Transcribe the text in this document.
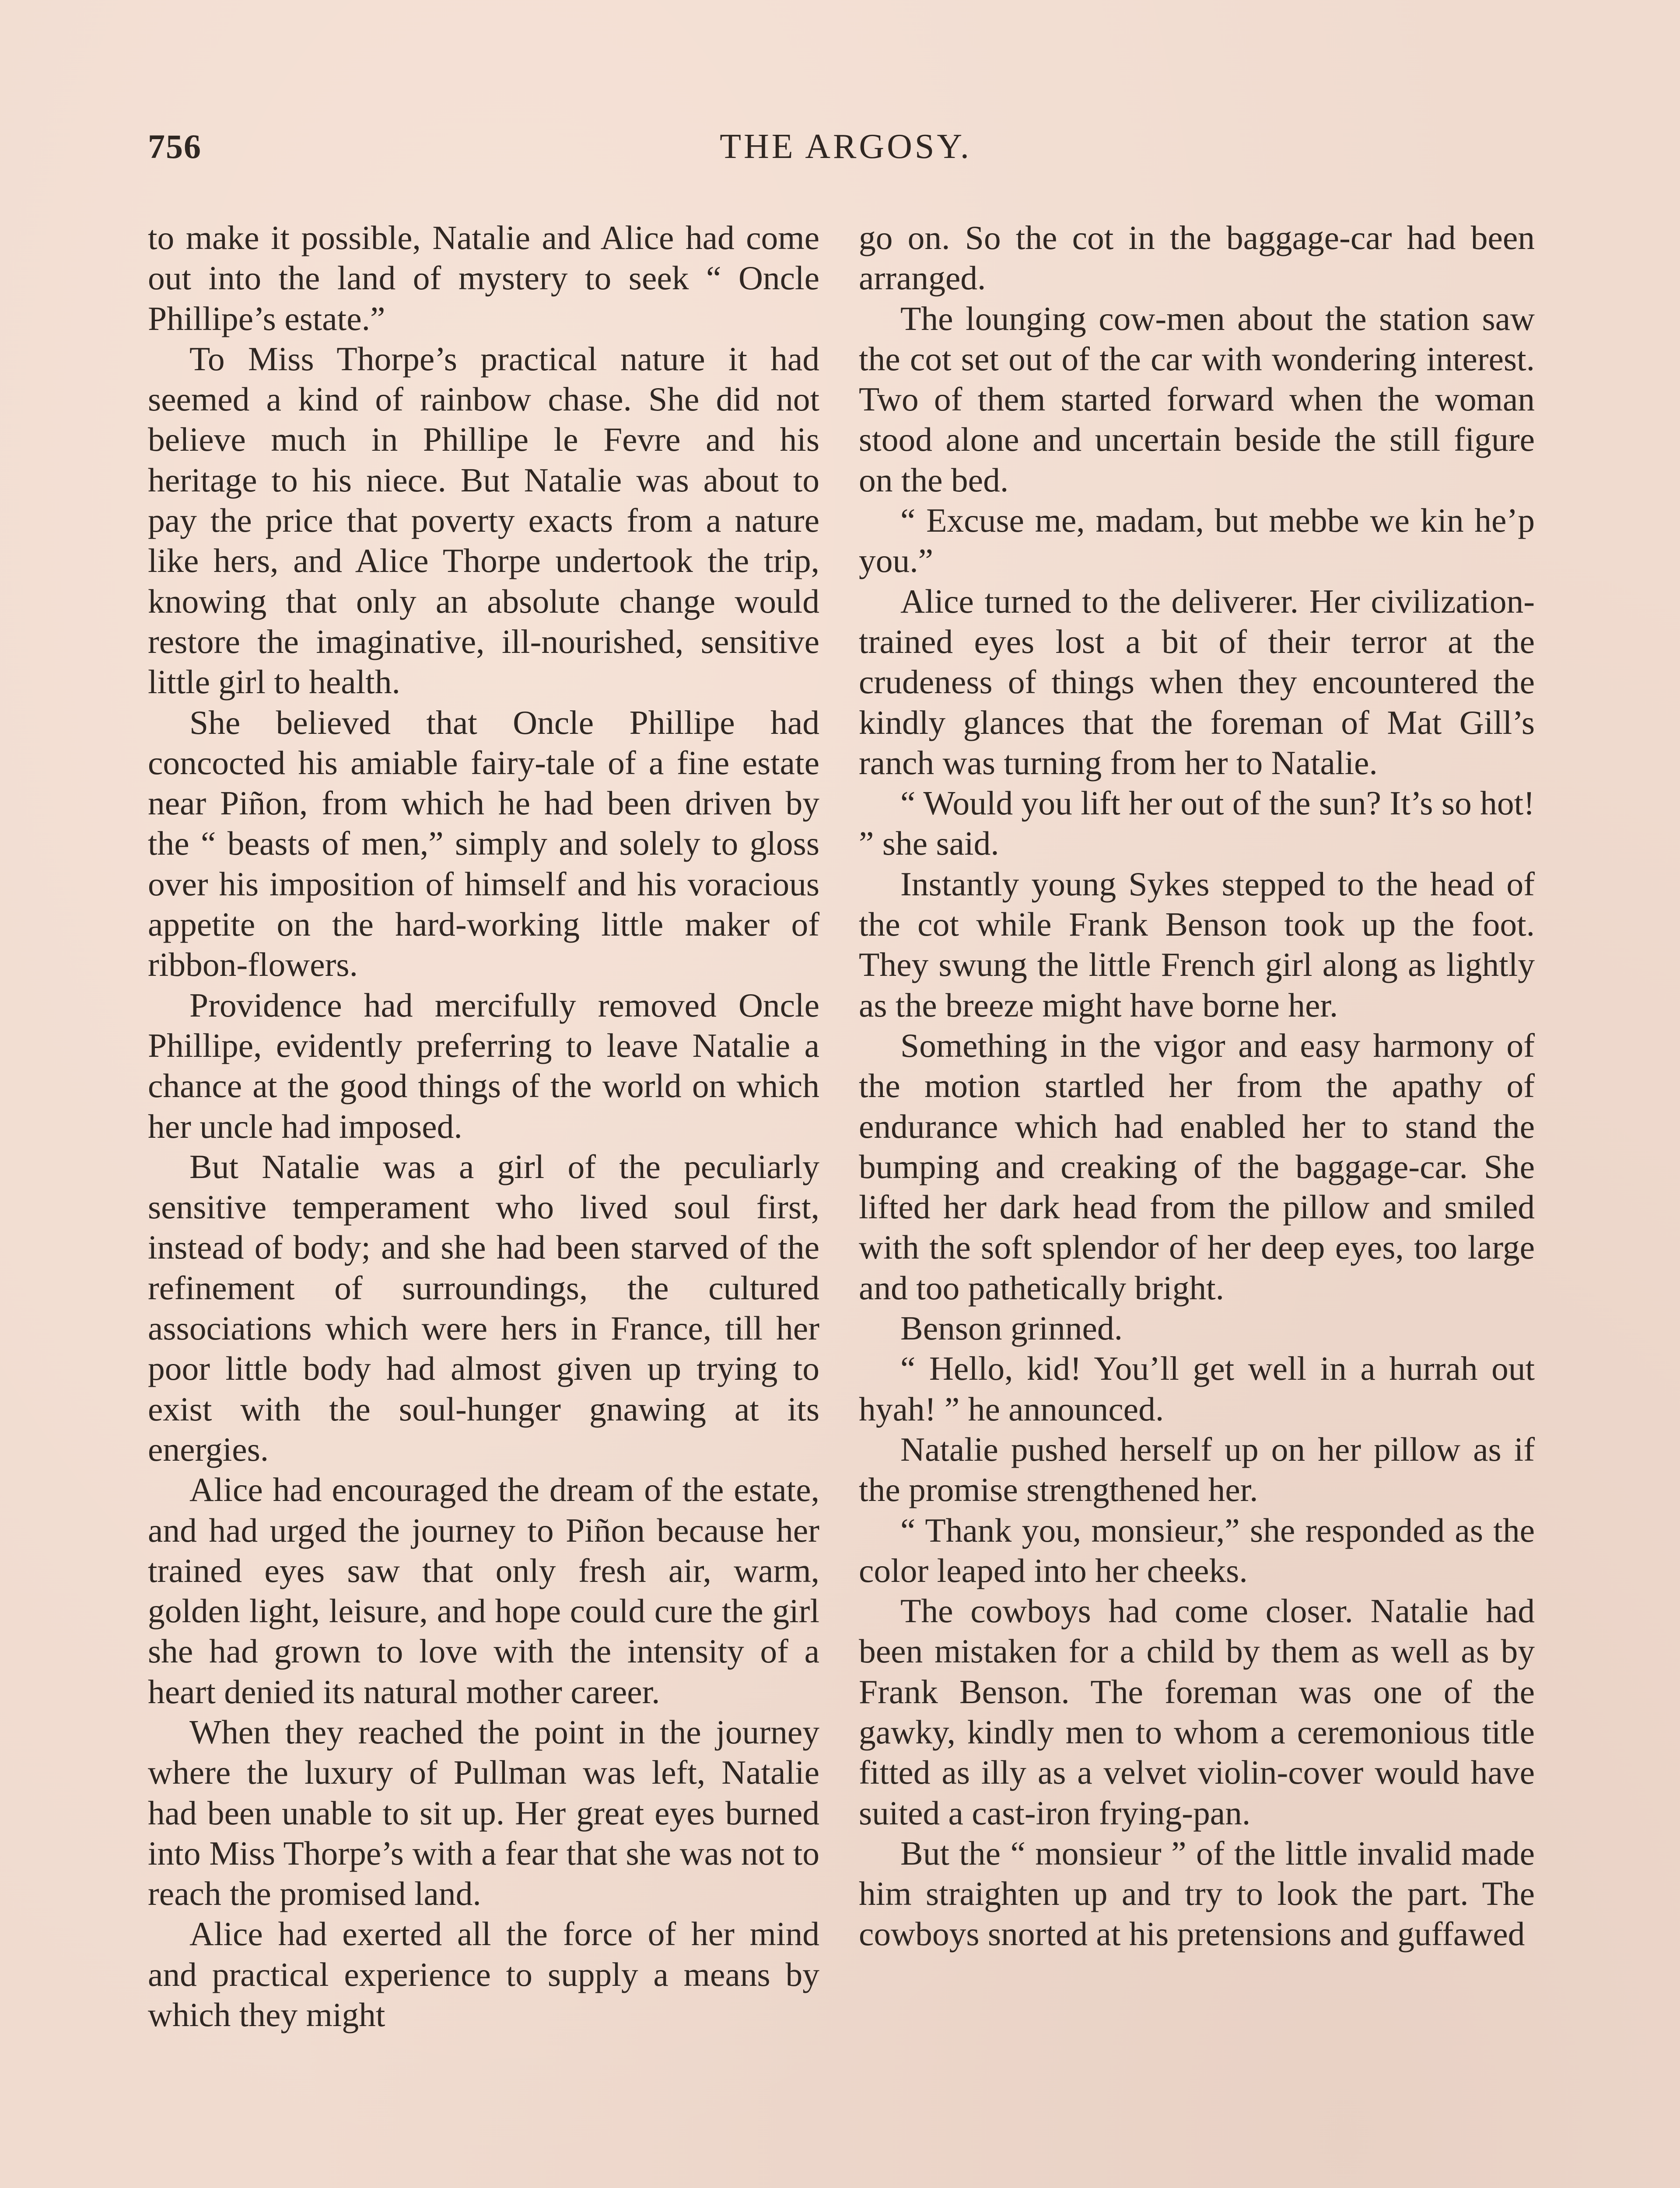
756	THE ARGOSY.

to make it possible, Natalie and Alice had come out into the land of mystery to seek “ Oncle Phillipe’s estate.”

To Miss Thorpe’s practical nature it had seemed a kind of rainbow chase. She did not believe much in Phillipe le Fevre and his heritage to his niece. But Natalie was about to pay the price that poverty exacts from a nature like hers, and Alice Thorpe undertook the trip, knowing that only an absolute change would restore the imaginative, ill-nourished, sensitive little girl to health.

She believed that Oncle Phillipe had concocted his amiable fairy-tale of a fine estate near Piñon, from which he had been driven by the “ beasts of men,” simply and solely to gloss over his imposition of himself and his voracious appetite on the hard-working little maker of ribbon-flowers.

Providence had mercifully removed Oncle Phillipe, evidently preferring to leave Natalie a chance at the good things of the world on which her uncle had imposed.

But Natalie was a girl of the peculiarly sensitive temperament who lived soul first, instead of body; and she had been starved of the refinement of surroundings, the cultured associations which were hers in France, till her poor little body had almost given up trying to exist with the soul-hunger gnawing at its energies.

Alice had encouraged the dream of the estate, and had urged the journey to Piñon because her trained eyes saw that only fresh air, warm, golden light, leisure, and hope could cure the girl she had grown to love with the intensity of a heart denied its natural mother career.

When they reached the point in the journey where the luxury of Pullman was left, Natalie had been unable to sit up. Her great eyes burned into Miss Thorpe’s with a fear that she was not to reach the promised land.

Alice had exerted all the force of her mind and practical experience to supply a means by which they might

go on. So the cot in the baggage-car had been arranged.

The lounging cow-men about the station saw the cot set out of the car with wondering interest. Two of them started forward when the woman stood alone and uncertain beside the still figure on the bed.

“ Excuse me, madam, but mebbe we kin he’p you.”

Alice turned to the deliverer. Her civilization-trained eyes lost a bit of their terror at the crudeness of things when they encountered the kindly glances that the foreman of Mat Gill’s ranch was turning from her to Natalie.

“ Would you lift her out of the sun? It’s so hot! ” she said.

Instantly young Sykes stepped to the head of the cot while Frank Benson took up the foot. They swung the little French girl along as lightly as the breeze might have borne her.

Something in the vigor and easy harmony of the motion startled her from the apathy of endurance which had enabled her to stand the bumping and creaking of the baggage-car. She lifted her dark head from the pillow and smiled with the soft splendor of her deep eyes, too large and too pathetically bright.

Benson grinned.

“ Hello, kid! You’ll get well in a hurrah out hyah! ” he announced.

Natalie pushed herself up on her pillow as if the promise strengthened her.

“ Thank you, monsieur,” she responded as the color leaped into her cheeks.

The cowboys had come closer. Natalie had been mistaken for a child by them as well as by Frank Benson. The foreman was one of the gawky, kindly men to whom a ceremonious title fitted as illy as a velvet violin-cover would have suited a cast-iron frying-pan.

But the “ monsieur ” of the little invalid made him straighten up and try to look the part. The cowboys snorted at his pretensions and guffawed
